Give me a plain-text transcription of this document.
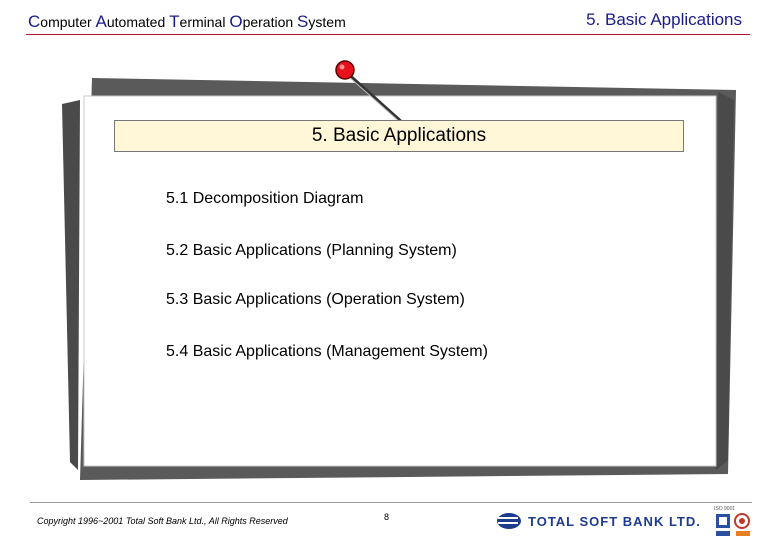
Computer Automated Terminal Operation System	5. Basic Applications
5. Basic Applications
5.1 Decomposition Diagram
5.2 Basic Applications (Planning System)
5.3 Basic Applications (Operation System)
5.4 Basic Applications (Management System)
Copyright 1996~2001 Total Soft Bank Ltd., All Rights Reserved	8	TOTAL SOFT BANK LTD.
ISO 9001
